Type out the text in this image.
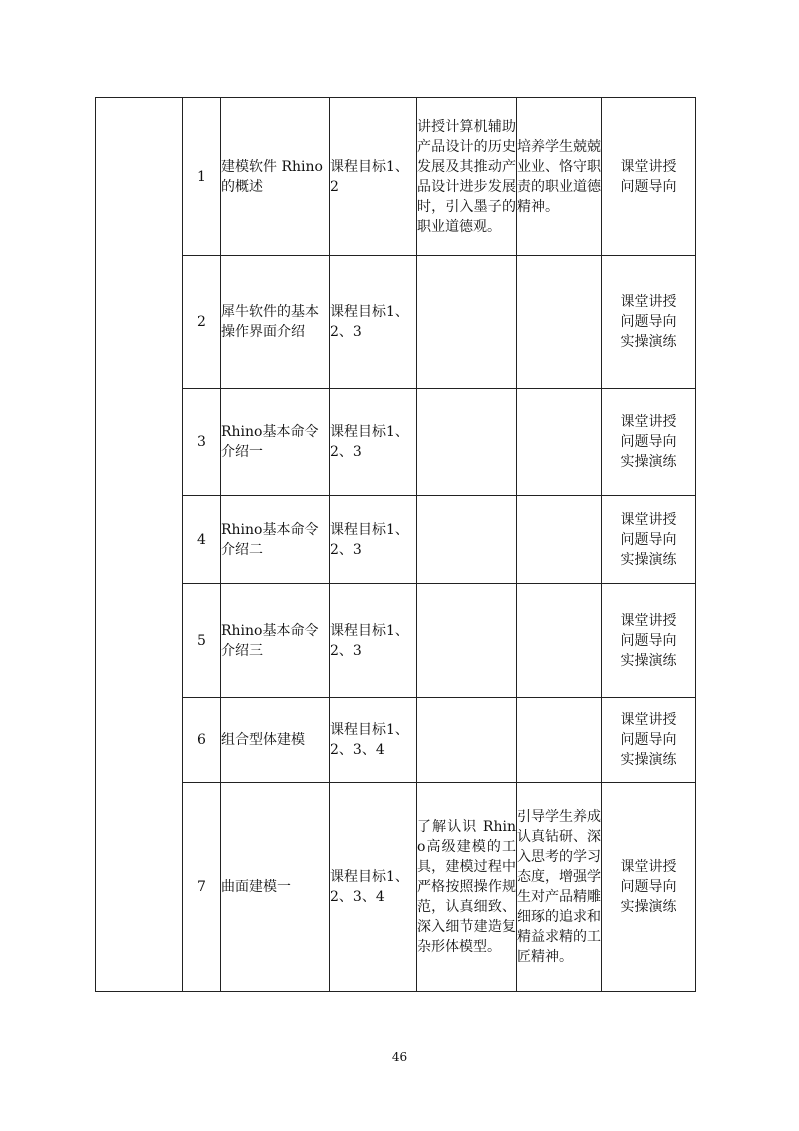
	1	建模软件 Rhino的概述	课程目标1、2	讲授计算机辅助产品设计的历史发展及其推动产品设计进步发展时，引入墨子的职业道德观。	培养学生兢兢业业、恪守职责的职业道德精神。	课堂讲授
问题导向

	2	犀牛软件的基本操作界面介绍	课程目标1、2、3			课堂讲授
问题导向
实操演练

	3	Rhino基本命令介绍一	课程目标1、2、3			课堂讲授
问题导向
实操演练

	4	Rhino基本命令介绍二	课程目标1、2、3			课堂讲授
问题导向
实操演练

	5	Rhino基本命令介绍三	课程目标1、2、3			课堂讲授
问题导向
实操演练

	6	组合型体建模	课程目标1、2、3、4			课堂讲授
问题导向
实操演练

	7	曲面建模一	课程目标1、2、3、4	了解认识 Rhino高级建模的工具，建模过程中严格按照操作规范，认真细致、深入细节建造复杂形体模型。	引导学生养成认真钻研、深入思考的学习态度，增强学生对产品精雕细琢的追求和精益求精的工匠精神。	课堂讲授
问题导向
实操演练
46
